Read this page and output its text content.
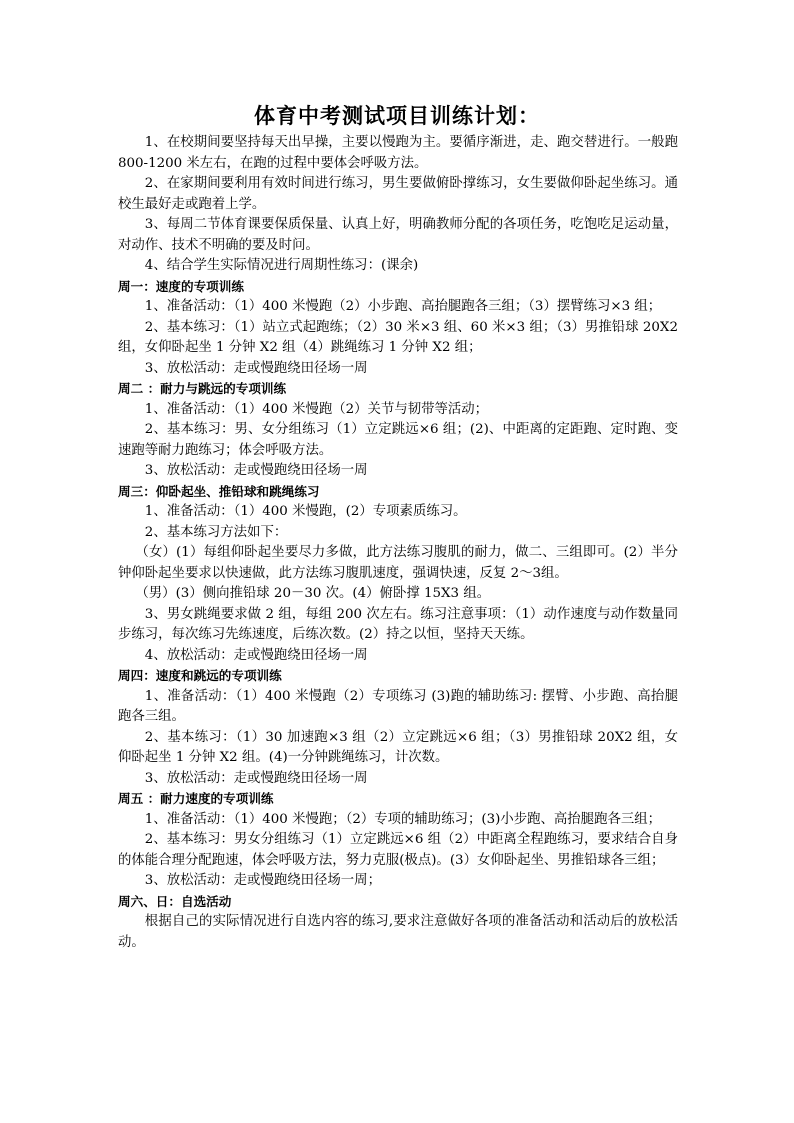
体育中考测试项目训练计划：

1、在校期间要坚持每天出早操，主要以慢跑为主。要循序渐进，走、跑交替进行。一般跑 800-1200 米左右，在跑的过程中要体会呼吸方法。

2、在家期间要利用有效时间进行练习，男生要做俯卧撑练习，女生要做仰卧起坐练习。通校生最好走或跑着上学。

3、每周二节体育课要保质保量、认真上好，明确教师分配的各项任务，吃饱吃足运动量，对动作、技术不明确的要及时问。

4、结合学生实际情况进行周期性练习：(课余)

周一：速度的专项训练

1、准备活动：（1）400 米慢跑（2）小步跑、高抬腿跑各三组；（3）摆臂练习×3 组；

2、基本练习：（1）站立式起跑练；（2）30 米×3 组、60 米×3 组；（3）男推铅球 20X2 组，女仰卧起坐 1 分钟 X2 组（4）跳绳练习 1 分钟 X2 组；

3、放松活动：走或慢跑绕田径场一周

周二 ：耐力与跳远的专项训练

1、准备活动：（1）400 米慢跑（2）关节与韧带等活动；

2、基本练习：男、女分组练习（1）立定跳远×6 组；(2)、中距离的定距跑、定时跑、变速跑等耐力跑练习；体会呼吸方法。

3、放松活动：走或慢跑绕田径场一周

周三：仰卧起坐、推铅球和跳绳练习

1、准备活动：（1）400 米慢跑，(2）专项素质练习。

2、基本练习方法如下：

（女）(1）每组仰卧起坐要尽力多做，此方法练习腹肌的耐力，做二、三组即可。(2）半分钟仰卧起坐要求以快速做，此方法练习腹肌速度，强调快速，反复 2～3组。

（男）(3）侧向推铅球 20－30 次。(4）俯卧撑 15X3 组。

3、男女跳绳要求做 2 组，每组 200 次左右。练习注意事项：（1）动作速度与动作数量同步练习，每次练习先练速度，后练次数。(2）持之以恒，坚持天天练。

4、放松活动：走或慢跑绕田径场一周

周四：速度和跳远的专项训练

1、准备活动：（1）400 米慢跑（2）专项练习 (3)跑的辅助练习: 摆臂、小步跑、高抬腿跑各三组。

2、基本练习：（1）30 加速跑×3 组（2）立定跳远×6 组；（3）男推铅球 20X2 组，女仰卧起坐 1 分钟 X2 组。(4)一分钟跳绳练习，计次数。

3、放松活动：走或慢跑绕田径场一周

周五 ：耐力速度的专项训练

1、准备活动：（1）400 米慢跑；（2）专项的辅助练习；(3)小步跑、高抬腿跑各三组；

2、基本练习：男女分组练习（1）立定跳远×6 组（2）中距离全程跑练习，要求结合自身的体能合理分配跑速，体会呼吸方法，努力克服(极点)。(3）女仰卧起坐、男推铅球各三组；

3、放松活动：走或慢跑绕田径场一周；

周六、日：自选活动

根据自己的实际情况进行自选内容的练习,要求注意做好各项的准备活动和活动后的放松活动。
